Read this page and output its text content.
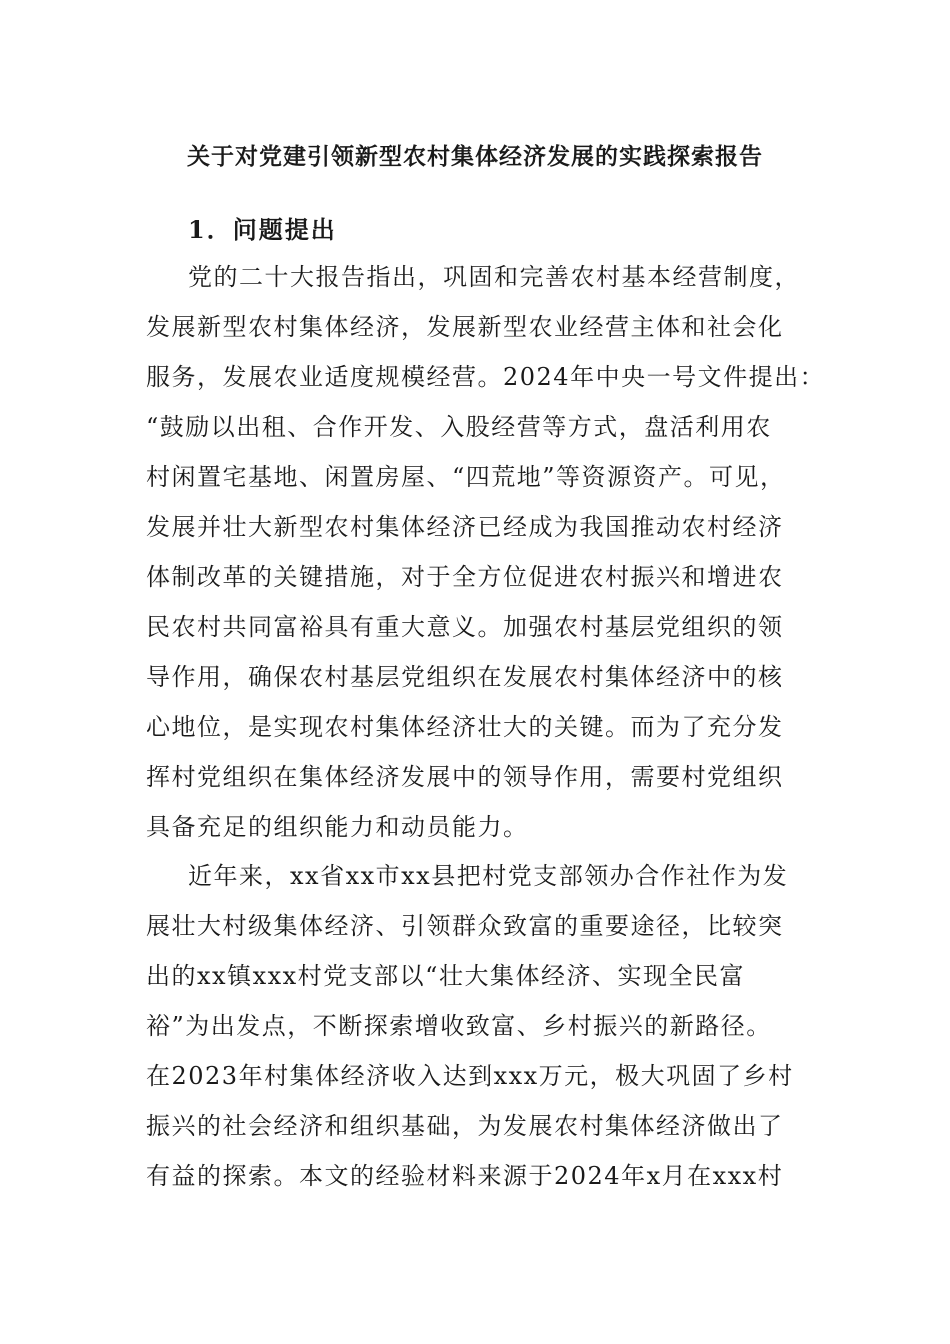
关于对党建引领新型农村集体经济发展的实践探索报告
1．问题提出

党的二十大报告指出，巩固和完善农村基本经营制度，
发展新型农村集体经济，发展新型农业经营主体和社会化
服务，发展农业适度规模经营。2024年中央一号文件提出：
“鼓励以出租、合作开发、入股经营等方式，盘活利用农
村闲置宅基地、闲置房屋、“四荒地”等资源资产。可见，
发展并壮大新型农村集体经济已经成为我国推动农村经济
体制改革的关键措施，对于全方位促进农村振兴和增进农
民农村共同富裕具有重大意义。加强农村基层党组织的领
导作用，确保农村基层党组织在发展农村集体经济中的核
心地位，是实现农村集体经济壮大的关键。而为了充分发
挥村党组织在集体经济发展中的领导作用，需要村党组织
具备充足的组织能力和动员能力。

近年来，xx省xx市xx县把村党支部领办合作社作为发
展壮大村级集体经济、引领群众致富的重要途径，比较突
出的xx镇xxx村党支部以“壮大集体经济、实现全民富
裕”为出发点，不断探索增收致富、乡村振兴的新路径。
在2023年村集体经济收入达到xxx万元，极大巩固了乡村
振兴的社会经济和组织基础，为发展农村集体经济做出了
有益的探索。本文的经验材料来源于2024年x月在xxx村
